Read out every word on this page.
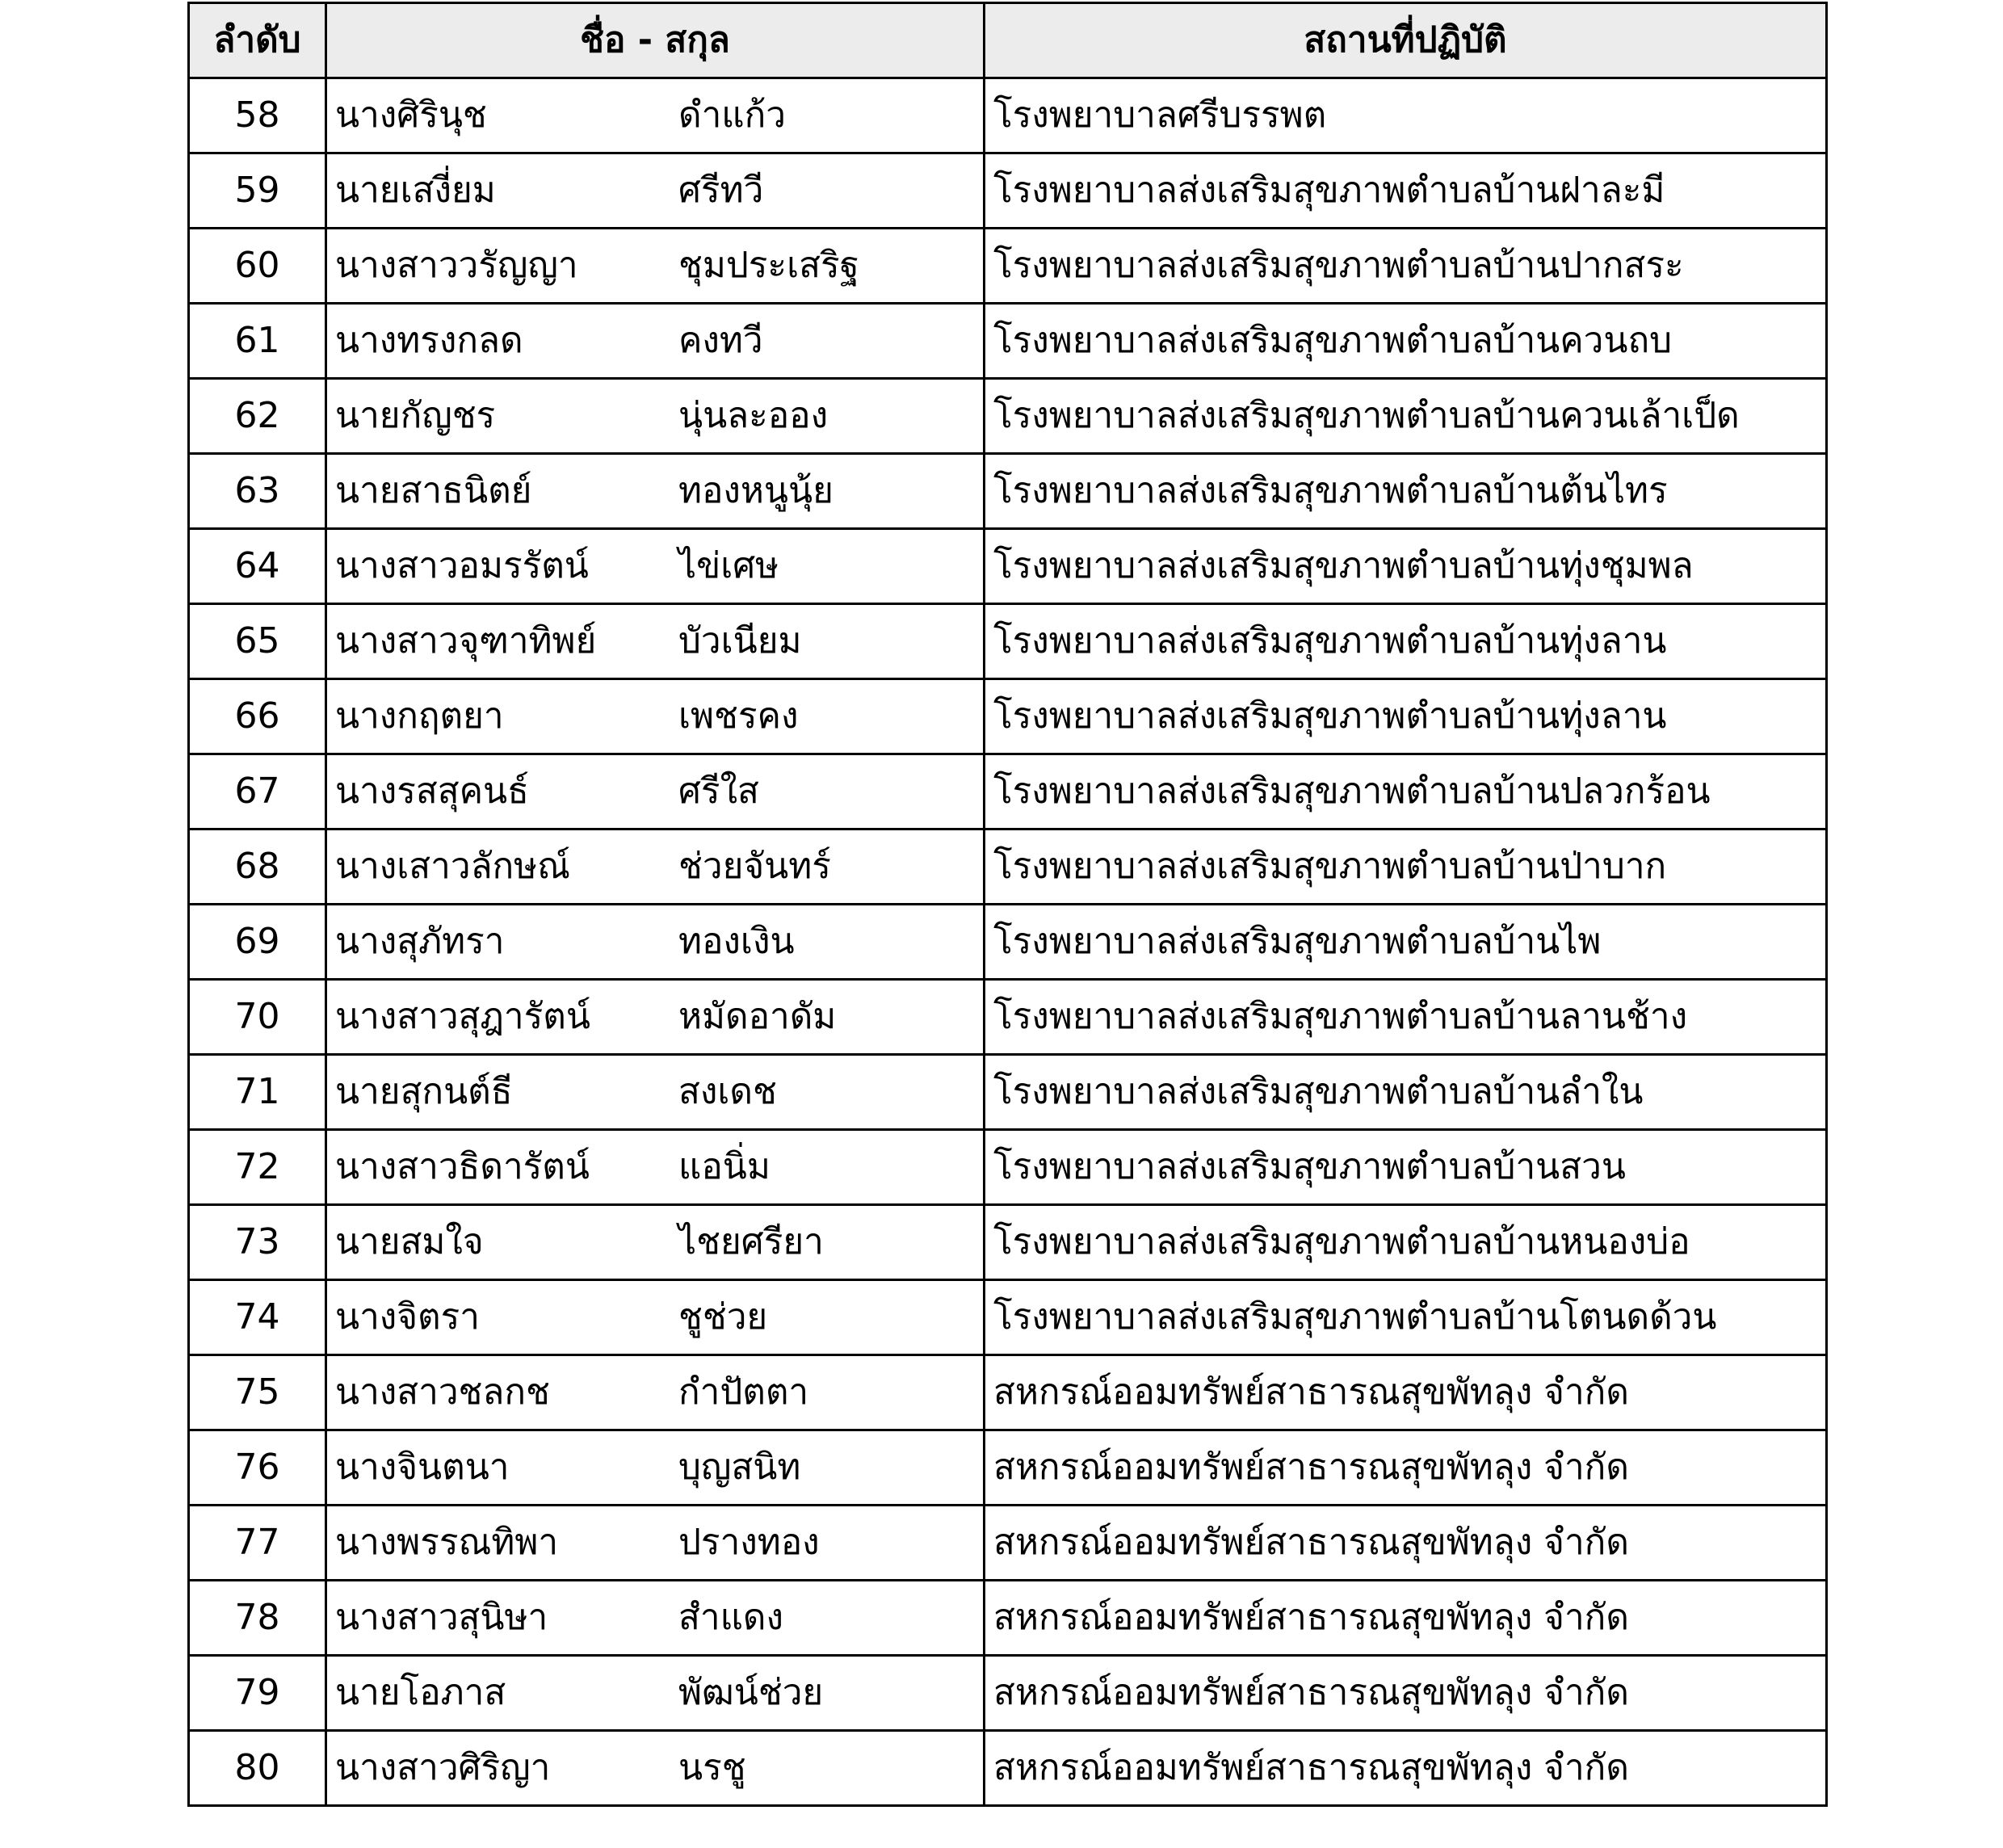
ลำดับ	ชื่อ - สกุล	สถานที่ปฏิบัติ
58	นางศิรินุช ดำแก้ว	โรงพยาบาลศรีบรรพต
59	นายเสงี่ยม ศรีทวี	โรงพยาบาลส่งเสริมสุขภาพตำบลบ้านฝาละมี
60	นางสาววรัญญา ชุมประเสริฐ	โรงพยาบาลส่งเสริมสุขภาพตำบลบ้านปากสระ
61	นางทรงกลด คงทวี	โรงพยาบาลส่งเสริมสุขภาพตำบลบ้านควนถบ
62	นายกัญชร นุ่นละออง	โรงพยาบาลส่งเสริมสุขภาพตำบลบ้านควนเล้าเป็ด
63	นายสาธนิตย์ ทองหนูนุ้ย	โรงพยาบาลส่งเสริมสุขภาพตำบลบ้านต้นไทร
64	นางสาวอมรรัตน์ ไข่เศษ	โรงพยาบาลส่งเสริมสุขภาพตำบลบ้านทุ่งชุมพล
65	นางสาวจุฑาทิพย์ บัวเนียม	โรงพยาบาลส่งเสริมสุขภาพตำบลบ้านทุ่งลาน
66	นางกฤตยา เพชรคง	โรงพยาบาลส่งเสริมสุขภาพตำบลบ้านทุ่งลาน
67	นางรสสุคนธ์ ศรีใส	โรงพยาบาลส่งเสริมสุขภาพตำบลบ้านปลวกร้อน
68	นางเสาวลักษณ์ ช่วยจันทร์	โรงพยาบาลส่งเสริมสุขภาพตำบลบ้านป่าบาก
69	นางสุภัทรา ทองเงิน	โรงพยาบาลส่งเสริมสุขภาพตำบลบ้านไพ
70	นางสาวสุฎารัตน์ หมัดอาดัม	โรงพยาบาลส่งเสริมสุขภาพตำบลบ้านลานช้าง
71	นายสุกนต์ธี สงเดช	โรงพยาบาลส่งเสริมสุขภาพตำบลบ้านลำใน
72	นางสาวธิดารัตน์ แอนิ่ม	โรงพยาบาลส่งเสริมสุขภาพตำบลบ้านสวน
73	นายสมใจ ไชยศรียา	โรงพยาบาลส่งเสริมสุขภาพตำบลบ้านหนองบ่อ
74	นางจิตรา ชูช่วย	โรงพยาบาลส่งเสริมสุขภาพตำบลบ้านโตนดด้วน
75	นางสาวชลกช กำปัตตา	สหกรณ์ออมทรัพย์สาธารณสุขพัทลุง จำกัด
76	นางจินตนา บุญสนิท	สหกรณ์ออมทรัพย์สาธารณสุขพัทลุง จำกัด
77	นางพรรณทิพา ปรางทอง	สหกรณ์ออมทรัพย์สาธารณสุขพัทลุง จำกัด
78	นางสาวสุนิษา สำแดง	สหกรณ์ออมทรัพย์สาธารณสุขพัทลุง จำกัด
79	นายโอภาส พัฒน์ช่วย	สหกรณ์ออมทรัพย์สาธารณสุขพัทลุง จำกัด
80	นางสาวศิริญา นรชู	สหกรณ์ออมทรัพย์สาธารณสุขพัทลุง จำกัด
